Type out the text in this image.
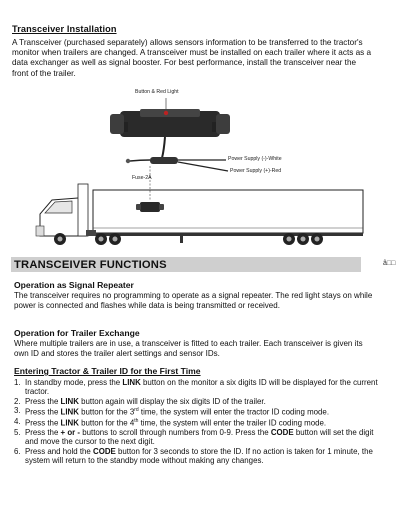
Transceiver Installation
A Transceiver (purchased separately) allows sensors information to be transferred to the tractor's monitor when trailers are changed. A transceiver must be installed on each trailer where it acts as a data exchanger as well as signal booster. For best performance, install the transceiver near the front of the trailer.
Button & Red Light
Fuse-2A
Power Supply (-)-White
Power Supply (+)-Red
TRANSCEIVER FUNCTIONS	â□□
Operation as Signal Repeater
The transceiver requires no programming to operate as a signal repeater. The red light stays on while power is connected and flashes while data is being transmitted or received.
Operation for Trailer Exchange
Where multiple trailers are in use, a transceiver is fitted to each trailer. Each transceiver is given its own ID and stores the trailer alert settings and sensor IDs.
Entering Tractor & Trailer ID for the First Time
1. In standby mode, press the LINK button on the monitor a six digits ID will be displayed for the current tractor.
2. Press the LINK button again will display the six digits ID of the trailer.
3. Press the LINK button for the 3rd time, the system will enter the tractor ID coding mode.
4. Press the LINK button for the 4th time, the system will enter the trailer ID coding mode.
5. Press the + or - buttons to scroll through numbers from 0-9. Press the CODE button will set the digit and move the cursor to the next digit.
6. Press and hold the CODE button for 3 seconds to store the ID. If no action is taken for 1 minute, the system will return to the standby mode without making any changes.
